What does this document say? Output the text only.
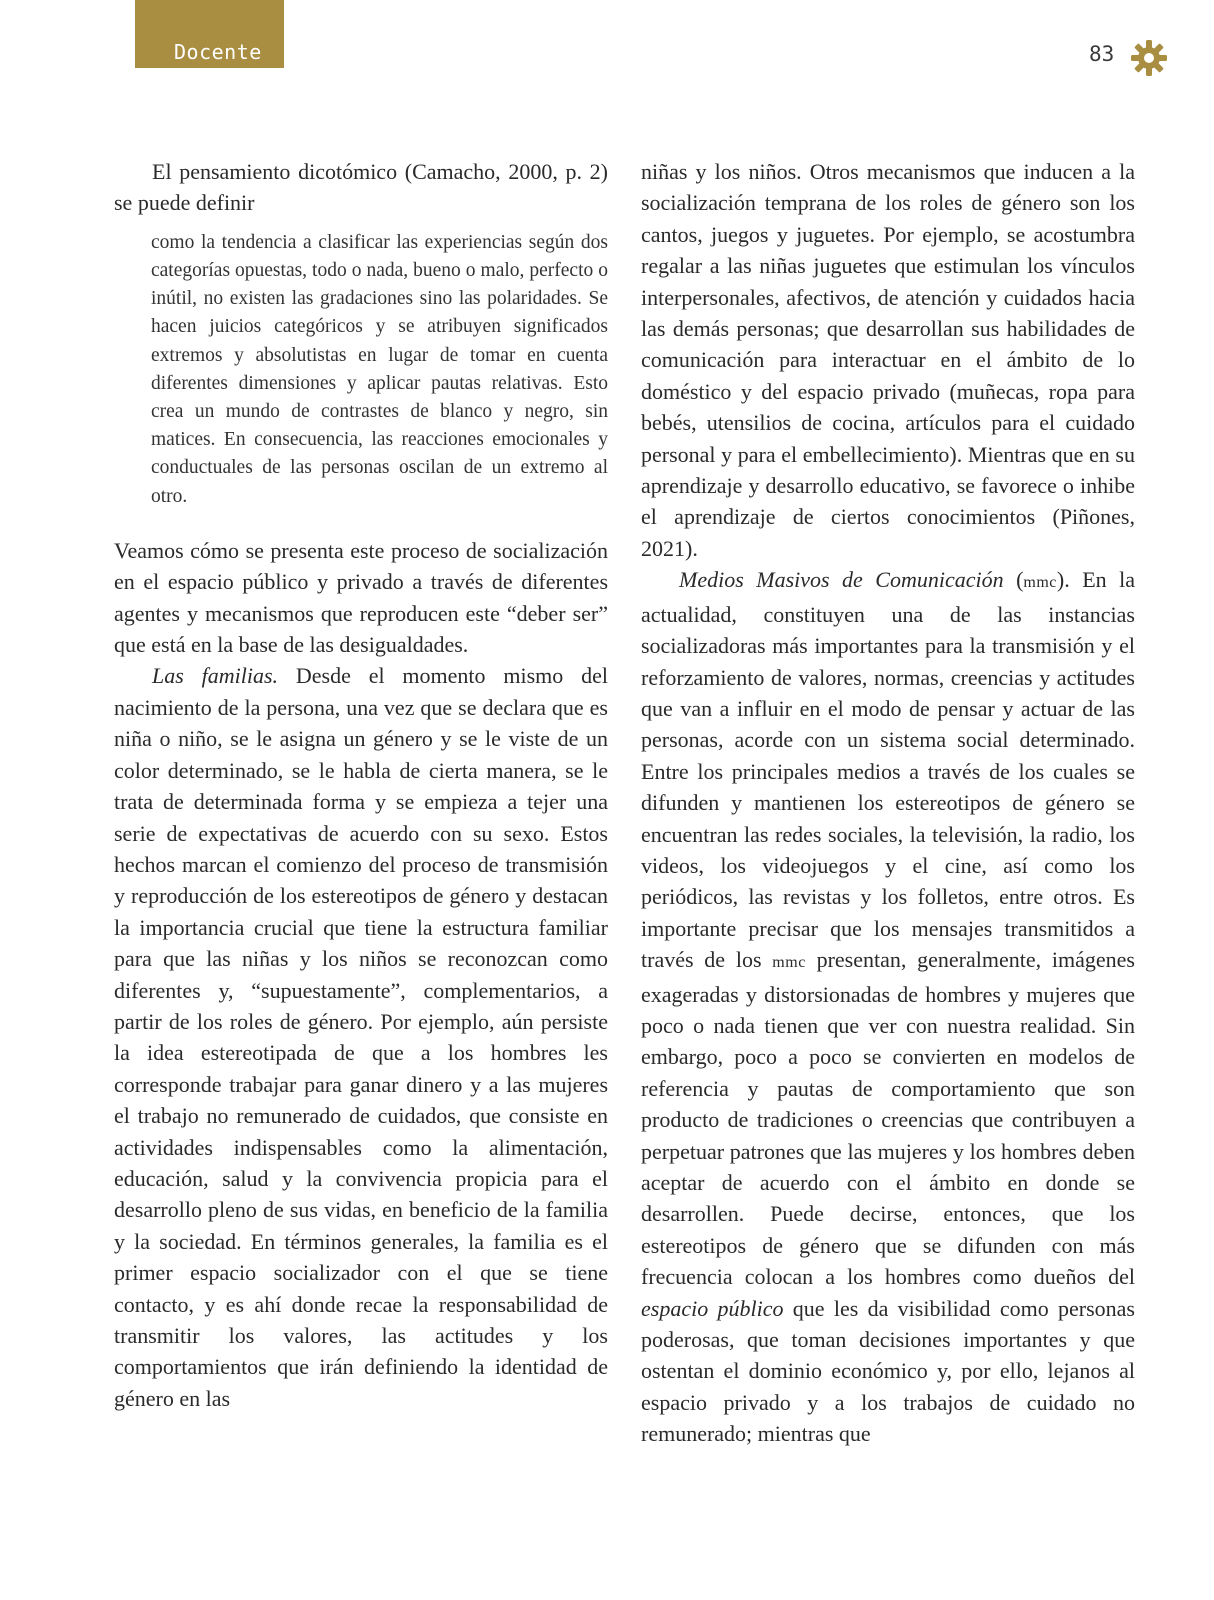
Docente	83

El pensamiento dicotómico (Camacho, 2000, p. 2) se puede definir

como la tendencia a clasificar las experiencias según dos categorías opuestas, todo o nada, bueno o malo, perfecto o inútil, no existen las gradaciones sino las polaridades. Se hacen juicios categóricos y se atribuyen significados extremos y absolutistas en lugar de tomar en cuenta diferentes dimensiones y aplicar pautas relativas. Esto crea un mundo de contrastes de blanco y negro, sin matices. En consecuencia, las reacciones emocionales y conductuales de las personas oscilan de un extremo al otro.

Veamos cómo se presenta este proceso de socialización en el espacio público y privado a través de diferentes agentes y mecanismos que reproducen este “deber ser” que está en la base de las desigualdades.

Las familias. Desde el momento mismo del nacimiento de la persona, una vez que se declara que es niña o niño, se le asigna un género y se le viste de un color determinado, se le habla de cierta manera, se le trata de determinada forma y se empieza a tejer una serie de expectativas de acuerdo con su sexo. Estos hechos marcan el comienzo del proceso de transmisión y reproducción de los estereotipos de género y destacan la importancia crucial que tiene la estructura familiar para que las niñas y los niños se reconozcan como diferentes y, “supuestamente”, complementarios, a partir de los roles de género. Por ejemplo, aún persiste la idea estereotipada de que a los hombres les corresponde trabajar para ganar dinero y a las mujeres el trabajo no remunerado de cuidados, que consiste en actividades indispensables como la alimentación, educación, salud y la convivencia propicia para el desarrollo pleno de sus vidas, en beneficio de la familia y la sociedad. En términos generales, la familia es el primer espacio socializador con el que se tiene contacto, y es ahí donde recae la responsabilidad de transmitir los valores, las actitudes y los comportamientos que irán definiendo la identidad de género en las

niñas y los niños. Otros mecanismos que inducen a la socialización temprana de los roles de género son los cantos, juegos y juguetes. Por ejemplo, se acostumbra regalar a las niñas juguetes que estimulan los vínculos interpersonales, afectivos, de atención y cuidados hacia las demás personas; que desarrollan sus habilidades de comunicación para interactuar en el ámbito de lo doméstico y del espacio privado (muñecas, ropa para bebés, utensilios de cocina, artículos para el cuidado personal y para el embellecimiento). Mientras que en su aprendizaje y desarrollo educativo, se favorece o inhibe el aprendizaje de ciertos conocimientos (Piñones, 2021).

Medios Masivos de Comunicación (mmc). En la actualidad, constituyen una de las instancias socializadoras más importantes para la transmisión y el reforzamiento de valores, normas, creencias y actitudes que van a influir en el modo de pensar y actuar de las personas, acorde con un sistema social determinado. Entre los principales medios a través de los cuales se difunden y mantienen los estereotipos de género se encuentran las redes sociales, la televisión, la radio, los videos, los videojuegos y el cine, así como los periódicos, las revistas y los folletos, entre otros. Es importante precisar que los mensajes transmitidos a través de los mmc presentan, generalmente, imágenes exageradas y distorsionadas de hombres y mujeres que poco o nada tienen que ver con nuestra realidad. Sin embargo, poco a poco se convierten en modelos de referencia y pautas de comportamiento que son producto de tradiciones o creencias que contribuyen a perpetuar patrones que las mujeres y los hombres deben aceptar de acuerdo con el ámbito en donde se desarrollen. Puede decirse, entonces, que los estereotipos de género que se difunden con más frecuencia colocan a los hombres como dueños del espacio público que les da visibilidad como personas poderosas, que toman decisiones importantes y que ostentan el dominio económico y, por ello, lejanos al espacio privado y a los trabajos de cuidado no remunerado; mientras que
